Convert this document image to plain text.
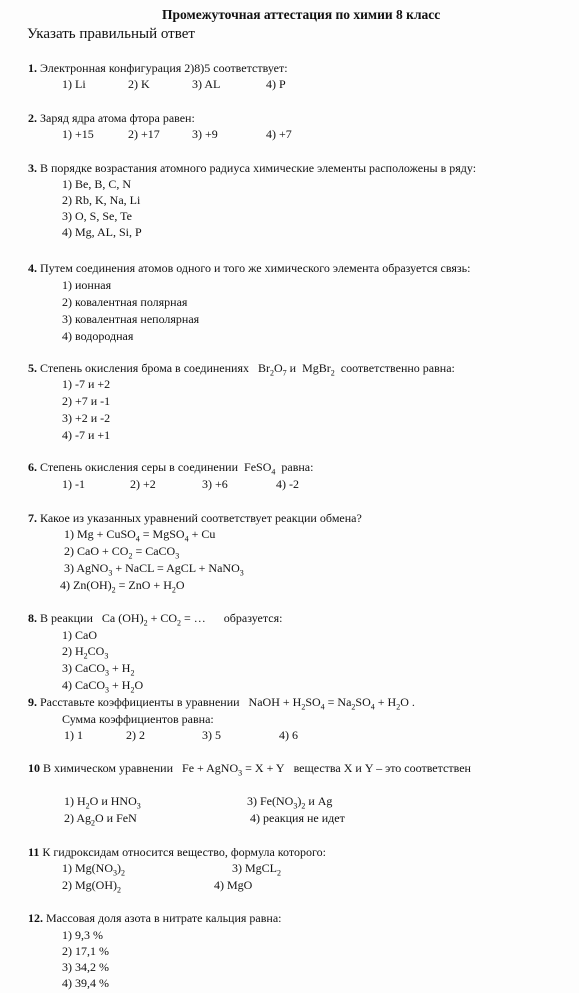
Промежуточная аттестация по химии 8 класс
Указать правильный ответ
1. Электронная конфигурация 2)8)5 соответствует:
1) Li	2) K	3) AL	4) P
2. Заряд ядра атома фтора равен:
1) +15	2) +17	3) +9	4) +7
3. В порядке возрастания атомного радиуса химические элементы расположены в ряду:
1) Be, B, C, N
2) Rb, K, Na, Li
3) O, S, Se, Te
4) Mg, AL, Si, P
4. Путем соединения атомов одного и того же химического элемента образуется связь:
1) ионная
2) ковалентная полярная
3) ковалентная неполярная
4) водородная
5. Степень окисления брома в соединениях $Br_2O_7$ и  MgBr$_2$ соответственно равна:
1) -7 и +2
2) +7 и -1
3) +2 и -2
4) -7 и +1
6. Степень окисления серы в соединении FeSO$_4$ равна:
1) -1	2) +2	3) +6	4) -2
7. Какое из указанных уравнений соответствует реакции обмена?
1) Mg + CuSO$_4$ = MgSO$_4$ + Cu
2) CaO + $CO_2$ = CaCO$_3$
3) AgNO$_3$ + NaCL = AgCL + NaNO$_3$
4) $Zn(OH)_2$ = ZnO + $H_2O$
8. В реакции Ca $(OH)_2 + CO_2$ = … образуется:
1) CaO
2) $H_2CO_3$
3) CaCO$_3$ + $H_2$
4) CaCO$_3$ + $H_2O$
9. Расставьте коэффициенты в уравнении NaOH + $H_2SO_4 = Na_2SO_4 + H_2O$ .
Сумма коэффициентов равна:
1) 1	2) 2	3) 5	4) 6
10 В химическом уравнении Fe + AgNO$_3$ = X + Y вещества X и Y – это соответствен
1) $H_2O$ и $HNO_3$	3) $Fe(NO_3)_2$ и Ag
2) $Ag_2O$ и FeN	4) реакция не идет
11 К гидроксидам относится вещество, формула которого:
1) $Mg(NO_3)_2$	3) MgCL$_2$
2) $Mg(OH)_2$	4) MgO
12. Массовая доля азота в нитрате кальция равна:
1) 9,3 %
2) 17,1 %
3) 34,2 %
4) 39,4 %
